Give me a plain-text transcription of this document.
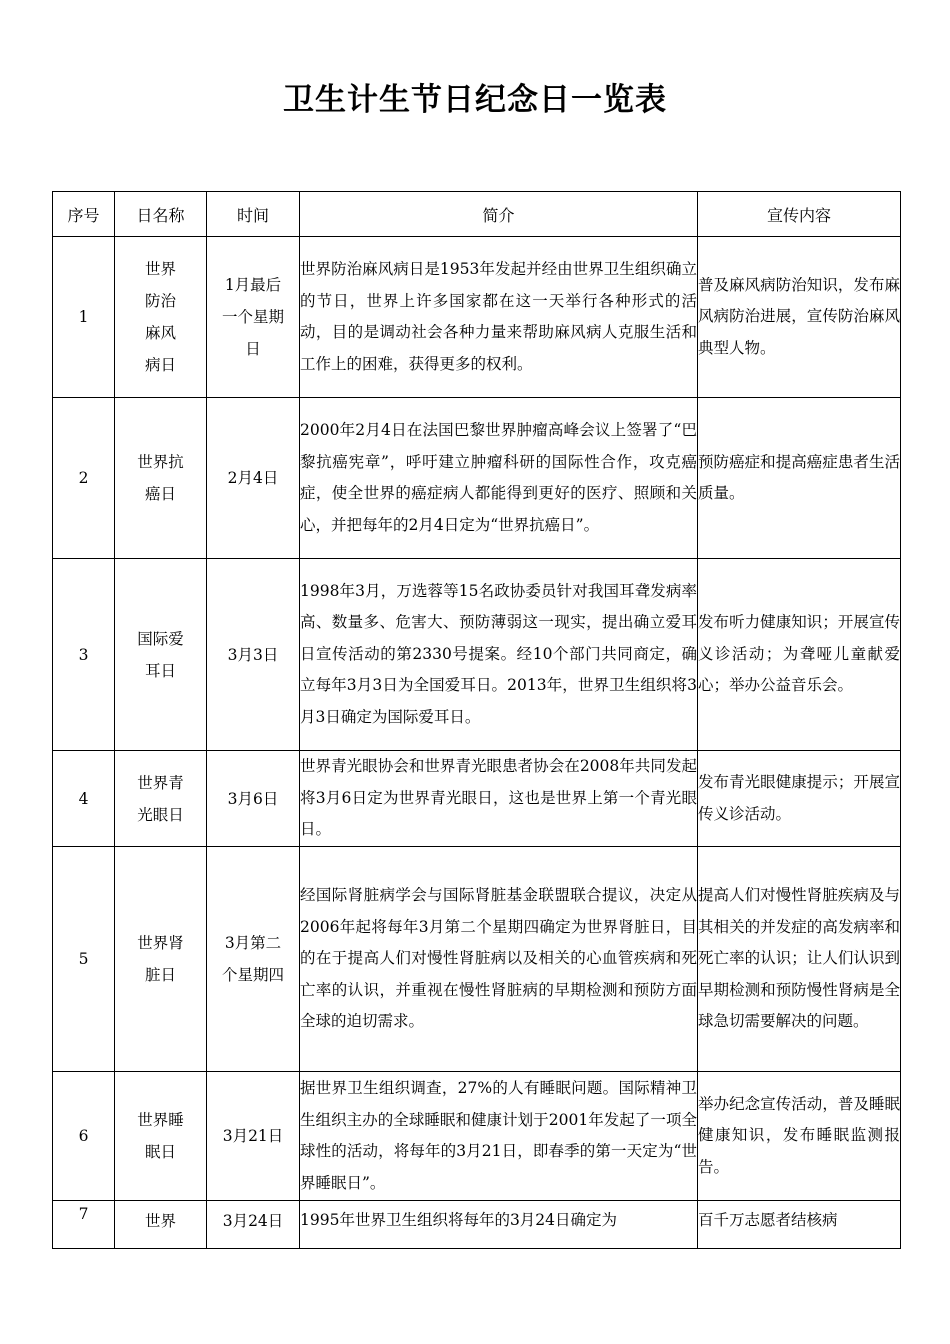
卫生计生节日纪念日一览表
序号	日名称	时间	简介	宣传内容
1	世界
防治
麻风
病日	1月最后
一个星期
日	世界防治麻风病日是1953年发起并经由世界卫生组织确立的节日，世界上许多国家都在这一天举行各种形式的活动，目的是调动社会各种力量来帮助麻风病人克服生活和工作上的困难，获得更多的权利。	普及麻风病防治知识，发布麻风病防治进展，宣传防治麻风典型人物。
2	世界抗
癌日	2月4日	2000年2月4日在法国巴黎世界肿瘤高峰会议上签署了“巴黎抗癌宪章”，呼吁建立肿瘤科研的国际性合作，攻克癌症，使全世界的癌症病人都能得到更好的医疗、照顾和关心，并把每年的2月4日定为“世界抗癌日”。	预防癌症和提高癌症患者生活质量。
3	国际爱
耳日	3月3日	1998年3月，万选蓉等15名政协委员针对我国耳聋发病率高、数量多、危害大、预防薄弱这一现实，提出确立爱耳日宣传活动的第2330号提案。经10个部门共同商定，确立每年3月3日为全国爱耳日。2013年，世界卫生组织将3月3日确定为国际爱耳日。	发布听力健康知识；开展宣传义诊活动；为聋哑儿童献爱心；举办公益音乐会。
4	世界青
光眼日	3月6日	世界青光眼协会和世界青光眼患者协会在2008年共同发起将3月6日定为世界青光眼日，这也是世界上第一个青光眼日。	发布青光眼健康提示；开展宣传义诊活动。
5	世界肾
脏日	3月第二
个星期四	经国际肾脏病学会与国际肾脏基金联盟联合提议，决定从2006年起将每年3月第二个星期四确定为世界肾脏日，目的在于提高人们对慢性肾脏病以及相关的心血管疾病和死亡率的认识，并重视在慢性肾脏病的早期检测和预防方面全球的迫切需求。	提高人们对慢性肾脏疾病及与其相关的并发症的高发病率和死亡率的认识；让人们认识到早期检测和预防慢性肾病是全球急切需要解决的问题。
6	世界睡
眠日	3月21日	据世界卫生组织调查，27%的人有睡眠问题。国际精神卫生组织主办的全球睡眠和健康计划于2001年发起了一项全球性的活动，将每年的3月21日，即春季的第一天定为“世界睡眠日”。	举办纪念宣传活动，普及睡眠健康知识，发布睡眠监测报告。
7	世界	3月24日	1995年世界卫生组织将每年的3月24日确定为	百千万志愿者结核病
